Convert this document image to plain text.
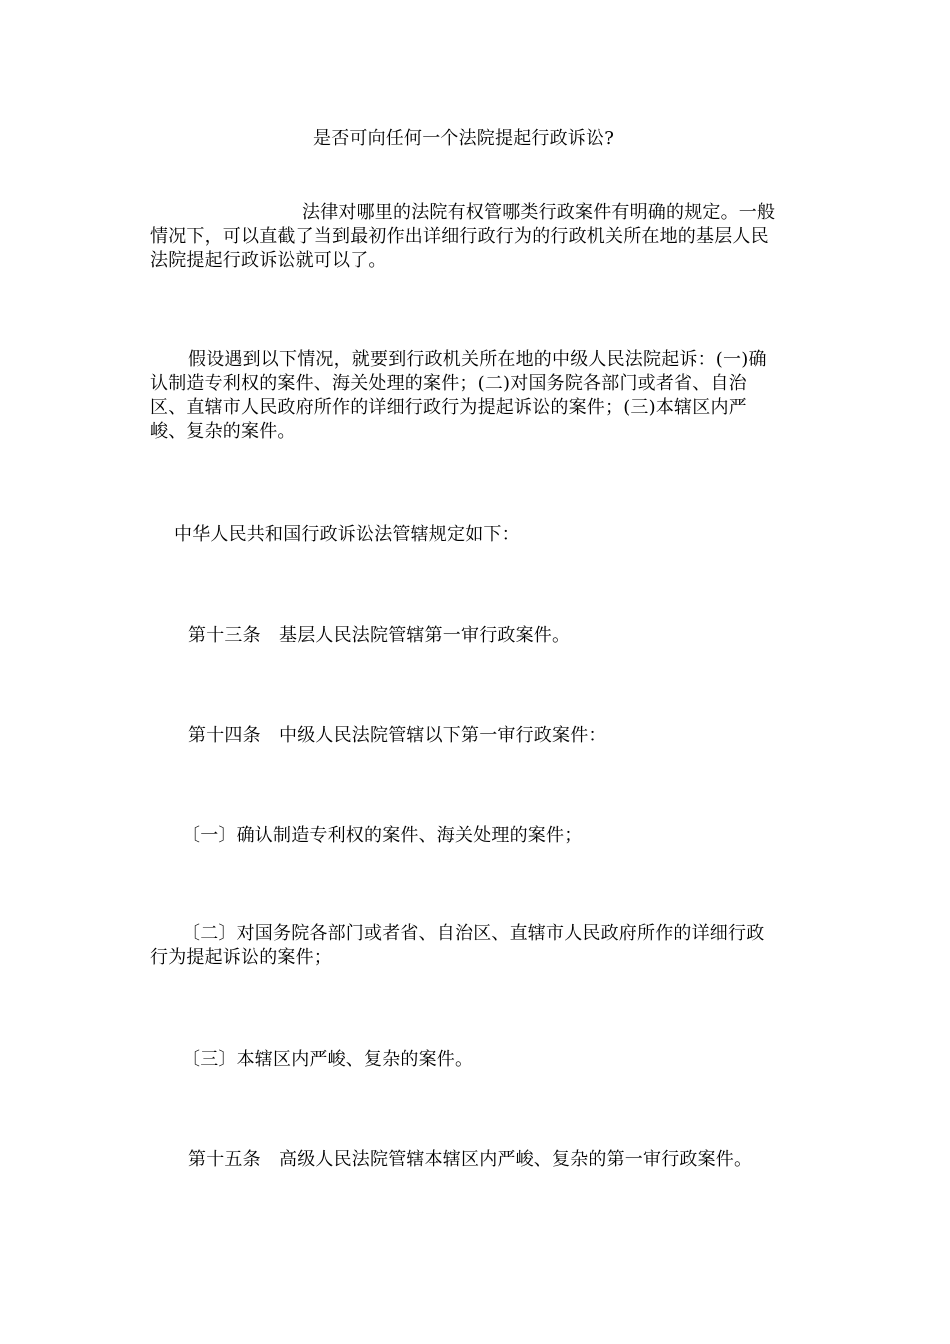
是否可向任何一个法院提起行政诉讼?
法律对哪里的法院有权管哪类行政案件有明确的规定。一般
情况下，可以直截了当到最初作出详细行政行为的行政机关所在地的基层人民
法院提起行政诉讼就可以了。
假设遇到以下情况，就要到行政机关所在地的中级人民法院起诉：(一)确
认制造专利权的案件、海关处理的案件；(二)对国务院各部门或者省、自治
区、直辖市人民政府所作的详细行政行为提起诉讼的案件；(三)本辖区内严
峻、复杂的案件。
中华人民共和国行政诉讼法管辖规定如下：
第十三条　基层人民法院管辖第一审行政案件。
第十四条　中级人民法院管辖以下第一审行政案件：
〔一〕确认制造专利权的案件、海关处理的案件；
〔二〕对国务院各部门或者省、自治区、直辖市人民政府所作的详细行政
行为提起诉讼的案件；
〔三〕本辖区内严峻、复杂的案件。
第十五条　高级人民法院管辖本辖区内严峻、复杂的第一审行政案件。
